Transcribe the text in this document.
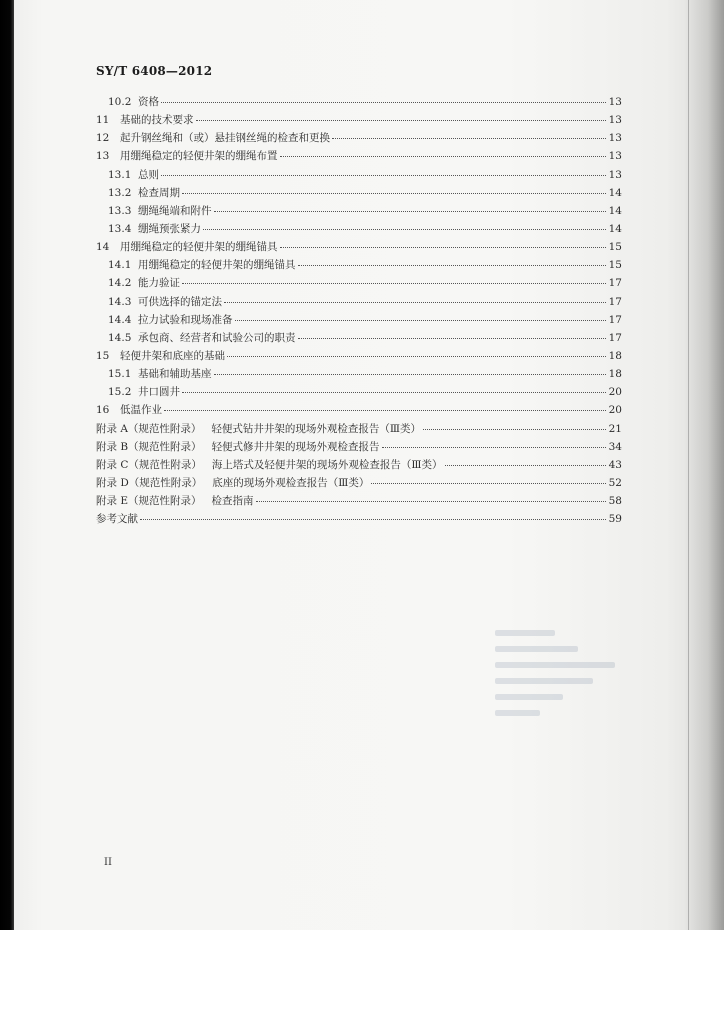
SY/T 6408—2012
10.2 资格	13
11	基础的技术要求	13
12	起升钢丝绳和（或）悬挂钢丝绳的检查和更换	13
13	用绷绳稳定的轻便井架的绷绳布置	13
13.1 总则	13
13.2 检查周期	14
13.3 绷绳绳端和附件	14
13.4 绷绳预张紧力	14
14	用绷绳稳定的轻便井架的绷绳锚具	15
14.1 用绷绳稳定的轻便井架的绷绳锚具	15
14.2 能力验证	17
14.3 可供选择的锚定法	17
14.4 拉力试验和现场准备	17
14.5 承包商、经营者和试验公司的职责	17
15	轻便井架和底座的基础	18
15.1 基础和辅助基座	18
15.2 井口圆井	20
16	低温作业	20
附录 A（规范性附录） 轻便式钻井井架的现场外观检查报告（Ⅲ类）	21
附录 B（规范性附录） 轻便式修井井架的现场外观检查报告	34
附录 C（规范性附录） 海上塔式及轻便井架的现场外观检查报告（Ⅲ类）	43
附录 D（规范性附录） 底座的现场外观检查报告（Ⅲ类）	52
附录 E（规范性附录） 检查指南	58
参考文献	59
II
